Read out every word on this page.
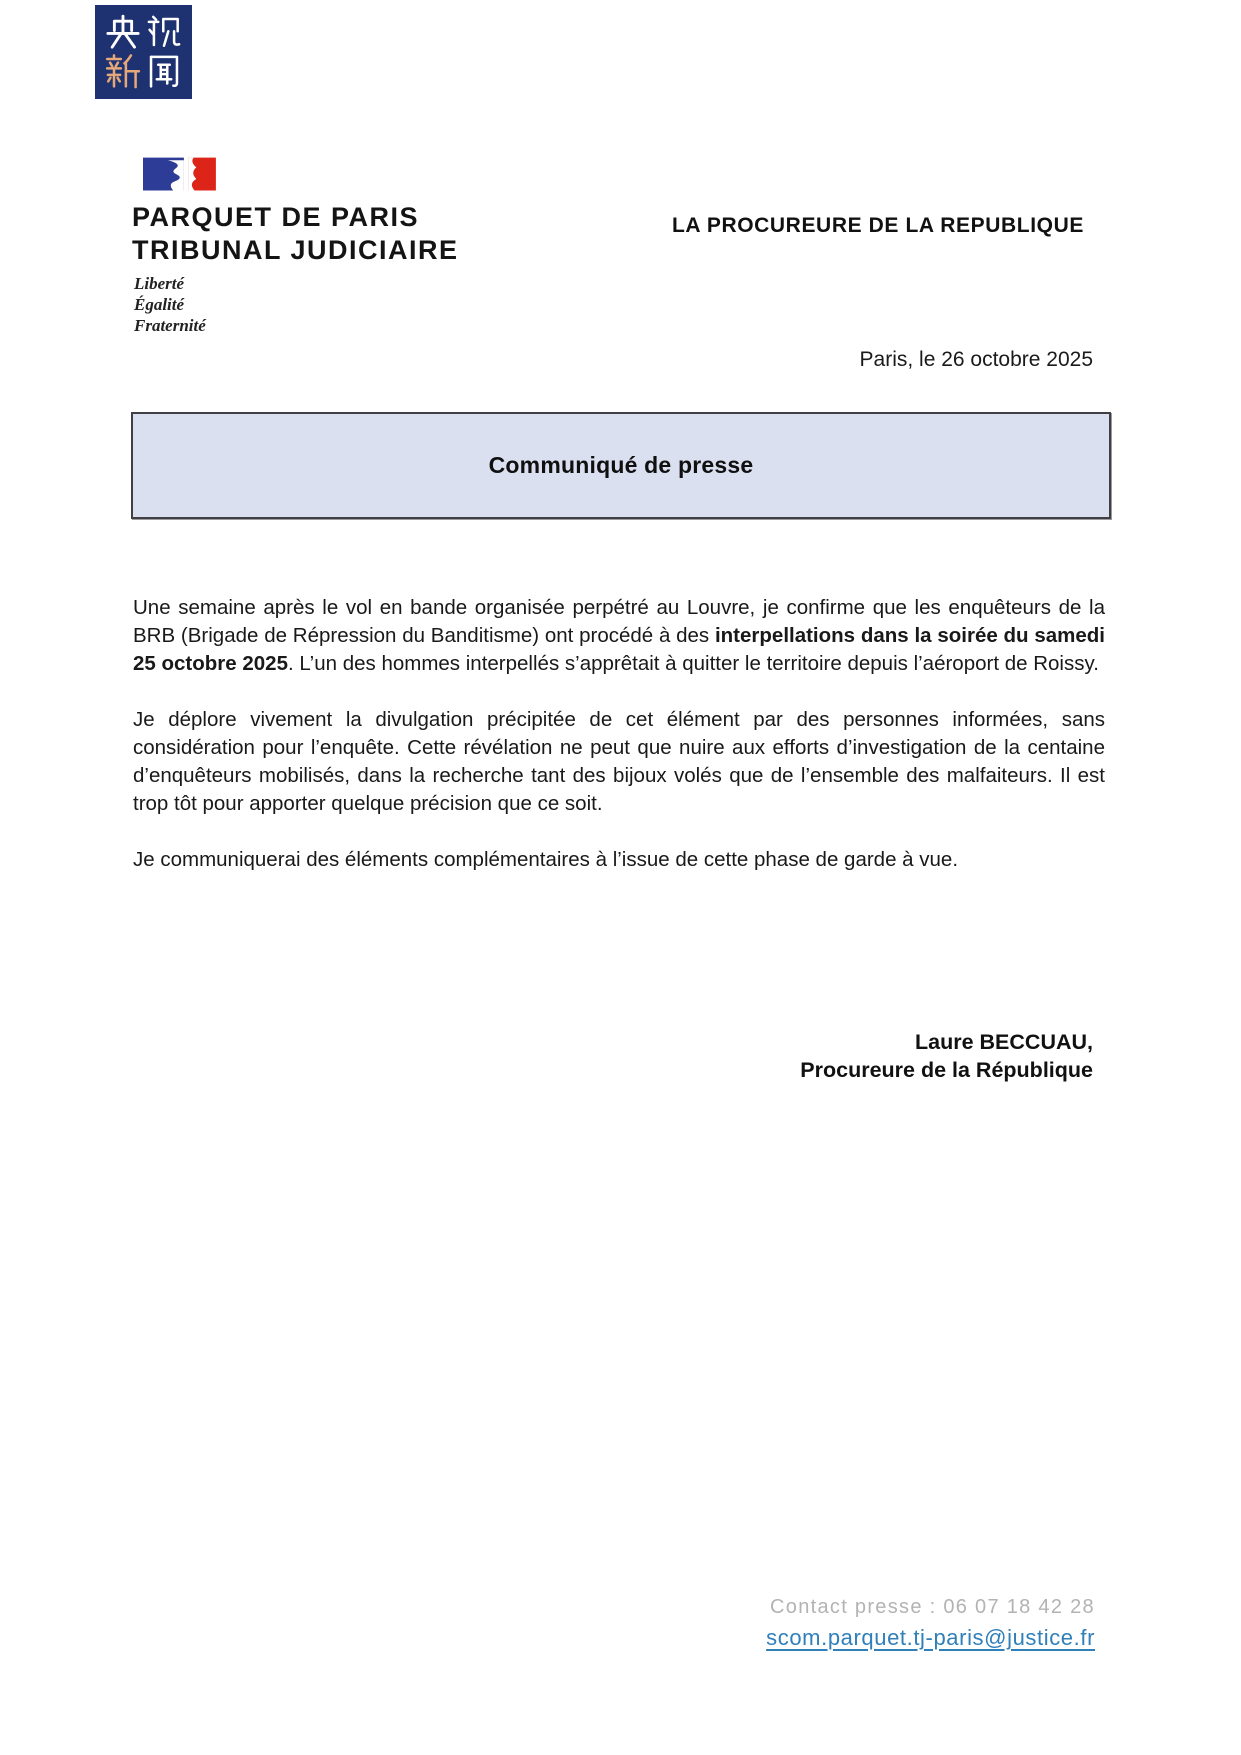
PARQUET DE PARIS
TRIBUNAL JUDICIAIRE
Liberté
Égalité
Fraternité
LA PROCUREURE DE LA REPUBLIQUE
Paris, le 26 octobre 2025
Communiqué de presse

Une semaine après le vol en bande organisée perpétré au Louvre, je confirme que les enquêteurs de la BRB (Brigade de Répression du Banditisme) ont procédé à des interpellations dans la soirée du samedi 25 octobre 2025. L’un des hommes interpellés s’apprêtait à quitter le territoire depuis l’aéroport de Roissy.

Je déplore vivement la divulgation précipitée de cet élément par des personnes informées, sans considération pour l’enquête. Cette révélation ne peut que nuire aux efforts d’investigation de la centaine d’enquêteurs mobilisés, dans la recherche tant des bijoux volés que de l’ensemble des malfaiteurs. Il est trop tôt pour apporter quelque précision que ce soit.

Je communiquerai des éléments complémentaires à l’issue de cette phase de garde à vue.

Laure BECCUAU,
Procureure de la République
Contact presse : 06 07 18 42 28
scom.parquet.tj-paris@justice.fr
